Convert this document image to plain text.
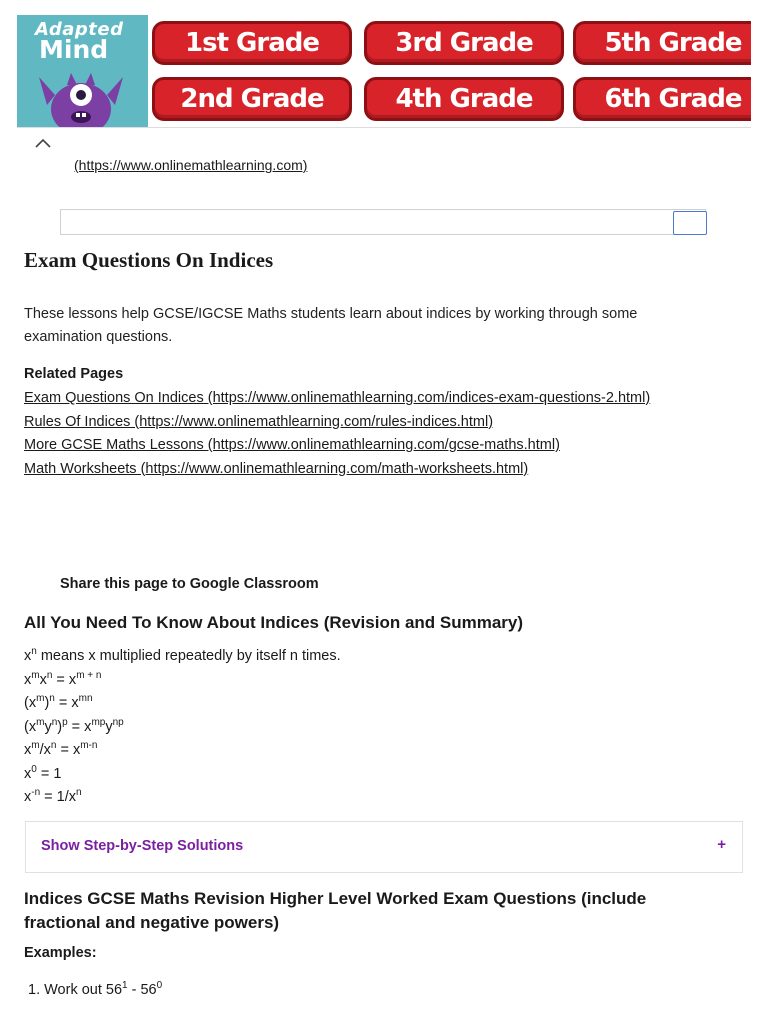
Adapted
Mind	1st Grade	3rd Grade	5th Grade
2nd Grade	4th Grade	6th Grade
(https://www.onlinemathlearning.com)
Exam Questions On Indices

These lessons help GCSE/IGCSE Maths students learn about indices by working through some examination questions.

Related Pages

Exam Questions On Indices (https://www.onlinemathlearning.com/indices-exam-questions-2.html)
Rules Of Indices (https://www.onlinemathlearning.com/rules-indices.html)
More GCSE Maths Lessons (https://www.onlinemathlearning.com/gcse-maths.html)
Math Worksheets (https://www.onlinemathlearning.com/math-worksheets.html)
Share this page to Google Classroom
All You Need To Know About Indices (Revision and Summary)
$x^n$ means x multiplied repeatedly by itself n times.
$x^mx^n = x^{m + n}$
$(x^m)^n = x^{mn}$
$(x^my^n)^p = x^{mp}y^{np}$
$x^m/x^n = x^{m-n}$
$x^0 = 1$
$x^{-n} = 1/x^n$
Show Step-by-Step Solutions	+
Indices GCSE Maths Revision Higher Level Worked Exam Questions (include fractional and negative powers)
Examples:
1. Work out $56^1 - 56^0$
